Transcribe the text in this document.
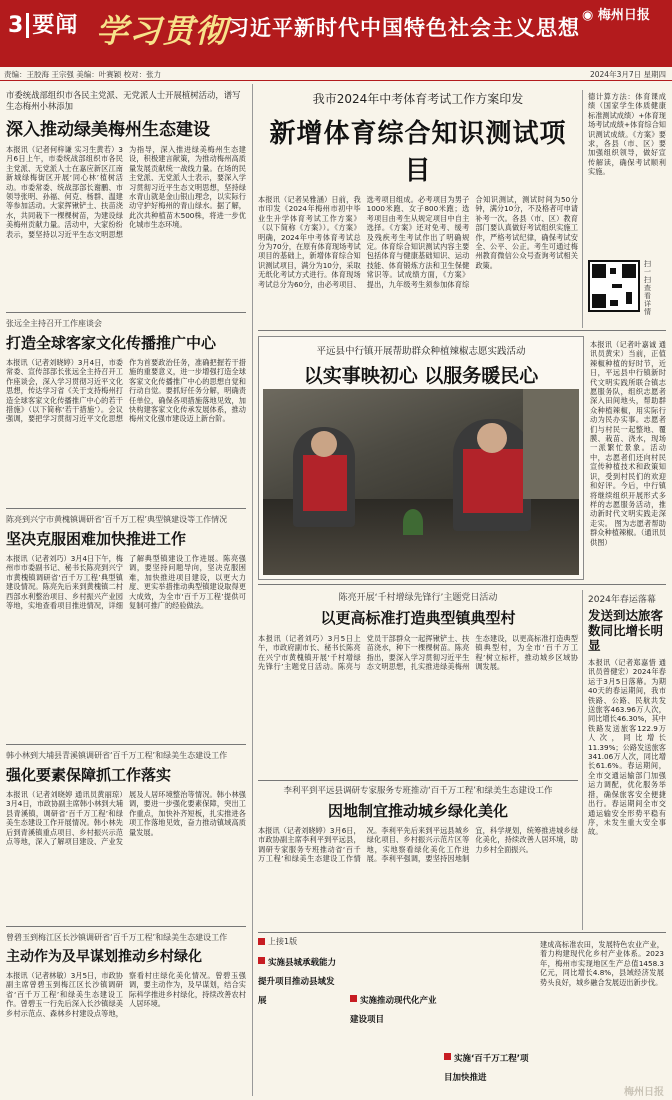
3 要闻 学习贯彻 习近平新时代中国特色社会主义思想
◉ 梅州日报
责编：王胶海 王宗强 美编：叶赛颖 校对：张力	2024年3月7日 星期四
市委统战部组织市各民主党派、无党派人士开展植树活动，谱写生态梅州小林添加
深入推动绿美梅州生态建设
本报讯（记者何梓谦 实习生黄若）3月6日上午，市委统战部组织市各民主党派、无党派人士在嘉应新区江南新城绿梅街区开展‘同心林’植树活动。市委常委、统战部部长谢鹏、市领导张明、孙福、何克、杨群、温建等参加活动。大家挥锹铲土、扶苗浇水，共同栽下一棵棵树苗，为建设绿美梅州贡献力量。活动中，大家纷纷表示，要坚持以习近平生态文明思想为指导，深入推进绿美梅州生态建设，积极建言献策，为推动梅州高质量发展贡献统一战线力量。在场的民主党派、无党派人士表示，要深入学习贯彻习近平生态文明思想，坚持绿水青山就是金山银山理念，以实际行动守护好梅州的青山绿水。据了解，此次共种植苗木500株，将进一步优化城市生态环境。
张远全主持召开工作座谈会
打造全球客家文化传播推广中心
本报讯（记者刘晓婷）3月4日，市委常委、宣传部部长张远全主持召开工作座谈会，深入学习贯彻习近平文化思想，传达学习省《关于支持梅州打造全球客家文化传播推广中心的若干措施》（以下简称‘若干措施’）。会议强调，要把学习贯彻习近平文化思想作为首要政治任务，准确把握若干措施的重要意义，进一步增强打造全球客家文化传播推广中心的思想自觉和行动自觉。要抓好任务分解，明确责任单位，确保各项措施落地见效，加快构建客家文化传承发展体系，推动梅州文化强市建设迈上新台阶。
陈亮到兴宁市黄槐镇调研省‘百千万工程’典型镇建设等工作情况
坚决克服困难加快推进工作
本报讯（记者刘巧）3月4日下午，梅州市市委副书记、秘书长陈亮到兴宁市黄槐镇调研省‘百千万工程’典型镇建设情况。陈亮先后来到黄槐镇二村西部水利整治项目、乡村振兴产业园等地，实地查看项目推进情况，详细了解典型镇建设工作进展。陈亮强调，要坚持问题导向，坚决克服困难，加快推进项目建设，以更大力度、更实举措推动典型镇建设取得更大成效，为全市‘百千万工程’提供可复制可推广的经验做法。
韩小林到大埔县青溪镇调研省‘百千万工程’和绿美生态建设工作
强化要素保障抓工作落实
本报讯（记者刘晓婷 通讯员黄丽琼）3月4日，市政协副主席韩小林到大埔县青溪镇，调研省‘百千万工程’和绿美生态建设工作开展情况。韩小林先后到青溪镇重点项目、乡村振兴示范点等地，深入了解项目建设、产业发展及人居环境整治等情况。韩小林强调，要进一步强化要素保障，突出工作重点，加快补齐短板，扎实推进各项工作落地见效，奋力推动镇域高质量发展。
曾碧玉到梅江区长沙镇调研省‘百千万工程’和绿美生态建设工作
主动作为及早谋划推动乡村绿化
本报讯（记者林敏）3月5日，市政协副主席曾碧玉到梅江区长沙镇调研省‘百千万工程’和绿美生态建设工作。曾碧玉一行先后深入长沙镇绿美乡村示范点、森林乡村建设点等地，察看村庄绿化美化情况。曾碧玉强调，要主动作为，及早谋划，结合实际科学推进乡村绿化，持续改善农村人居环境。
我市2024年中考体育考试工作方案印发
新增体育综合知识测试项目
本报讯（记者吴雅涵）日前，我市印发《2024年梅州市初中毕业生升学体育考试工作方案》（以下简称《方案》）。《方案》明确，2024年中考体育考试总分为70分，在原有体育现场考试项目的基础上，新增体育综合知识测试项目，满分为10分，采取无纸化考试方式进行。体育现场考试总分为60分，由必考项目、选考项目组成。必考项目为男子1000米跑、女子800米跑；选考项目由考生从规定项目中自主选择。《方案》还对免考、缓考及残疾考生考试作出了明确规定。体育综合知识测试内容主要包括体育与健康基础知识、运动技能、体育锻炼方法和卫生保健常识等。试成绩方面，《方案》提出，九年级考生须参加体育综合知识测试，测试时间为50分钟，满分10分，不及格者可申请补考一次。各县（市、区）教育部门要认真做好考试组织实施工作，严格考试纪律，确保考试安全、公平、公正。考生可通过梅州教育微信公众号查询考试相关政策。
德计算方法：体育课成绩（国家学生体质健康标准测试成绩）+体育现场考试成绩+体育综合知识测试成绩。《方案》要求，各县（市、区）要加强组织领导，做好宣传解读，确保考试顺利实施。
扫一扫查看详情
平远县中行镇开展帮助群众种植辣椒志愿实践活动
以实事映初心 以服务暖民心
本报讯（记者叶嘉诚 通讯员黄宋）当前，正值辣椒种植的好时节，近日，平远县中行镇新时代文明实践所联合镇志愿服务队，组织志愿者深入田间地头，帮助群众种植辣椒，用实际行动为民办实事。志愿者们与村民一起整地、覆膜、栽苗、浇水，现场一派繁忙景象。活动中，志愿者们还向村民宣传种植技术和政策知识，受到村民们的欢迎和好评。今后，中行镇将继续组织开展形式多样的志愿服务活动，推动新时代文明实践走深走实。 图为志愿者帮助群众种植辣椒。（通讯员供图）
陈亮开展‘千村增绿先锋行’主题党日活动
以更高标准打造典型镇典型村
本报讯（记者刘巧）3月5日上午，市政府副市长、秘书长陈亮在兴宁市黄槐镇开展‘千村增绿先锋行’主题党日活动。陈亮与党员干部群众一起挥锹铲土、扶苗浇水，种下一棵棵树苗。陈亮指出，要深入学习贯彻习近平生态文明思想，扎实推进绿美梅州生态建设，以更高标准打造典型镇典型村，为全市‘百千万工程’树立标杆，推动城乡区域协调发展。
李利平到平远县调研专家服务专班推动‘百千万工程’和绿美生态建设工作
因地制宜推动城乡绿化美化
本报讯（记者刘晓婷）3月6日，市政协副主席李利平到平远县，调研专家服务专班推动省‘百千万工程’和绿美生态建设工作情况。李利平先后来到平远县城乡绿化项目、乡村振兴示范片区等地，实地察看绿化美化工作进展。李利平强调，要坚持因地制宜，科学规划，统筹推进城乡绿化美化，持续改善人居环境，助力乡村全面振兴。
2024年春运落幕
发送到达旅客数同比增长明显
本报讯（记者郑嘉惜 通讯员曾健宏）2024年春运于3月5日落幕。为期40天的春运期间，我市铁路、公路、民航共发送旅客463.96万人次，同比增长46.30%，其中铁路发送旅客122.9万人次，同比增长11.39%；公路发送旅客341.06万人次，同比增长61.6%。春运期间，全市交通运输部门加强运力调配，优化服务举措，确保旅客安全便捷出行。春运期间全市交通运输安全形势平稳有序，未发生重大安全事故。
上接1版
实施县城承载能力提升项目推动县域发展	实施推动现代化产业建设项目
实施‘百千万工程’项目加快推进
建成高标准农田，发展特色农业产业，着力构建现代化乡村产业体系。2023年，梅州市实现地区生产总值1458.3亿元，同比增长4.8%，县域经济发展势头良好，城乡融合发展迈出新步伐。
梅州日报
